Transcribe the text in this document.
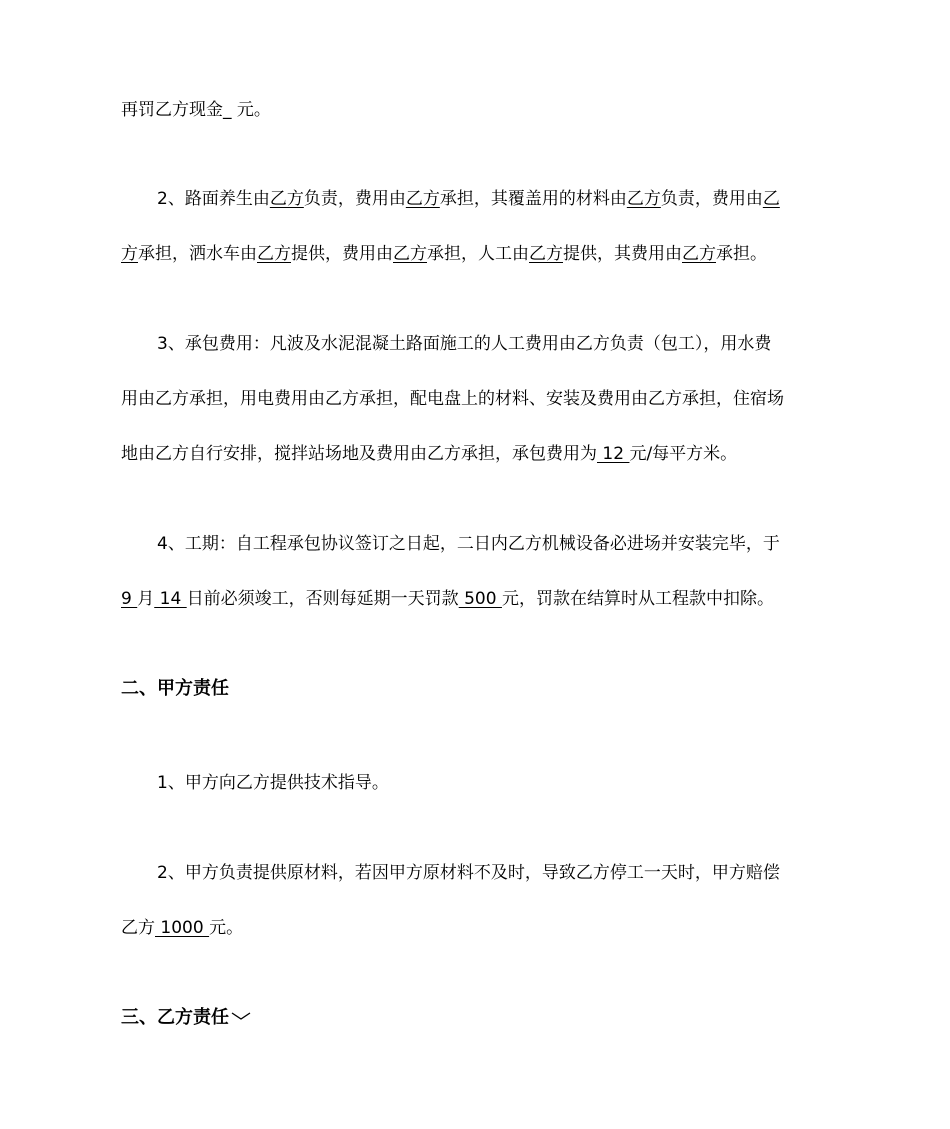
再罚乙方现金_ 元。
2、路面养生由乙方负责，费用由乙方承担，其覆盖用的材料由乙方负责，费用由乙
方承担，洒水车由乙方提供，费用由乙方承担，人工由乙方提供，其费用由乙方承担。
3、承包费用：凡波及水泥混凝土路面施工的人工费用由乙方负责（包工），用水费
用由乙方承担，用电费用由乙方承担，配电盘上的材料、安装及费用由乙方承担，住宿场
地由乙方自行安排，搅拌站场地及费用由乙方承担，承包费用为 12 元/每平方米。
4、工期：自工程承包协议签订之日起，二日内乙方机械设备必进场并安装完毕，于
9 月 14 日前必须竣工，否则每延期一天罚款 500 元，罚款在结算时从工程款中扣除。
二、甲方责任
1、甲方向乙方提供技术指导。
2、甲方负责提供原材料，若因甲方原材料不及时，导致乙方停工一天时，甲方赔偿
乙方 1000 元。
三、乙方责任
